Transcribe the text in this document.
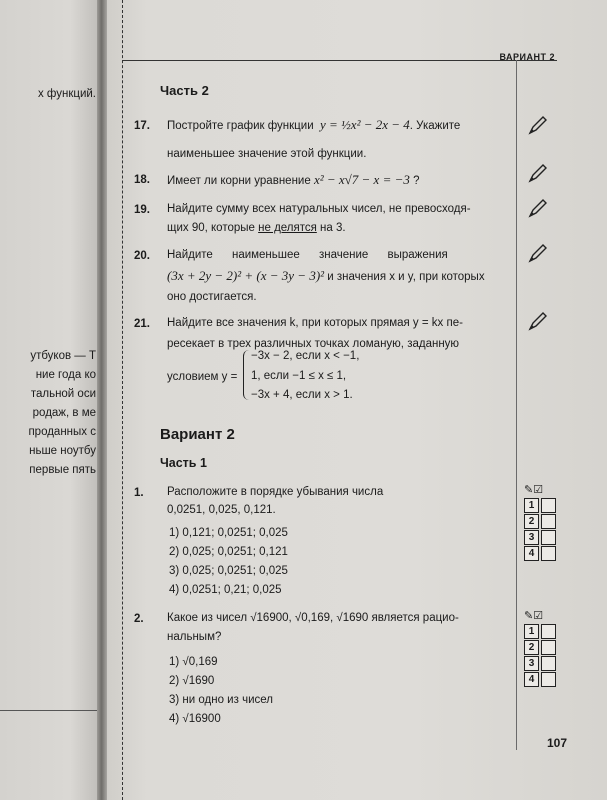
х функций.
утбуков — Т
ние года ко
тальной оси
родаж, в ме
проданных с
ньше ноутбу
первые пять
ВАРИАНТ 2
Часть 2
17. Постройте график функции y = ½x² − 2x − 4. Укажите
наименьшее значение этой функции.
18. Имеет ли корни уравнение x² − x√7 − x = −3 ?
19. Найдите сумму всех натуральных чисел, не превосходя-
щих 90, которые не делятся на 3.
20. Найдите      наименьшее      значение      выражения
(3x + 2y − 2)² + (x − 3y − 3)² и значения x и y, при которых
оно достигается.
21. Найдите все значения k, при которых прямая y = kx пе-
ресекает в трех различных точках ломаную, заданную
условием y =
−3x − 2, если x < −1,
1, если −1 ≤ x ≤ 1,
−3x + 4, если x > 1.
Вариант 2
Часть 1
1. Расположите в порядке убывания числа
0,0251, 0,025, 0,121.
1) 0,121; 0,0251; 0,025
2) 0,025; 0,0251; 0,121
3) 0,025; 0,0251; 0,025
4) 0,0251; 0,21; 0,025
2. Какое из чисел √16900, √0,169, √1690 является рацио-
нальным?
1) √0,169
2) √1690
3) ни одно из чисел
4) √16900
✎☑
1
2
3
4
✎☑
1
2
3
4
107
